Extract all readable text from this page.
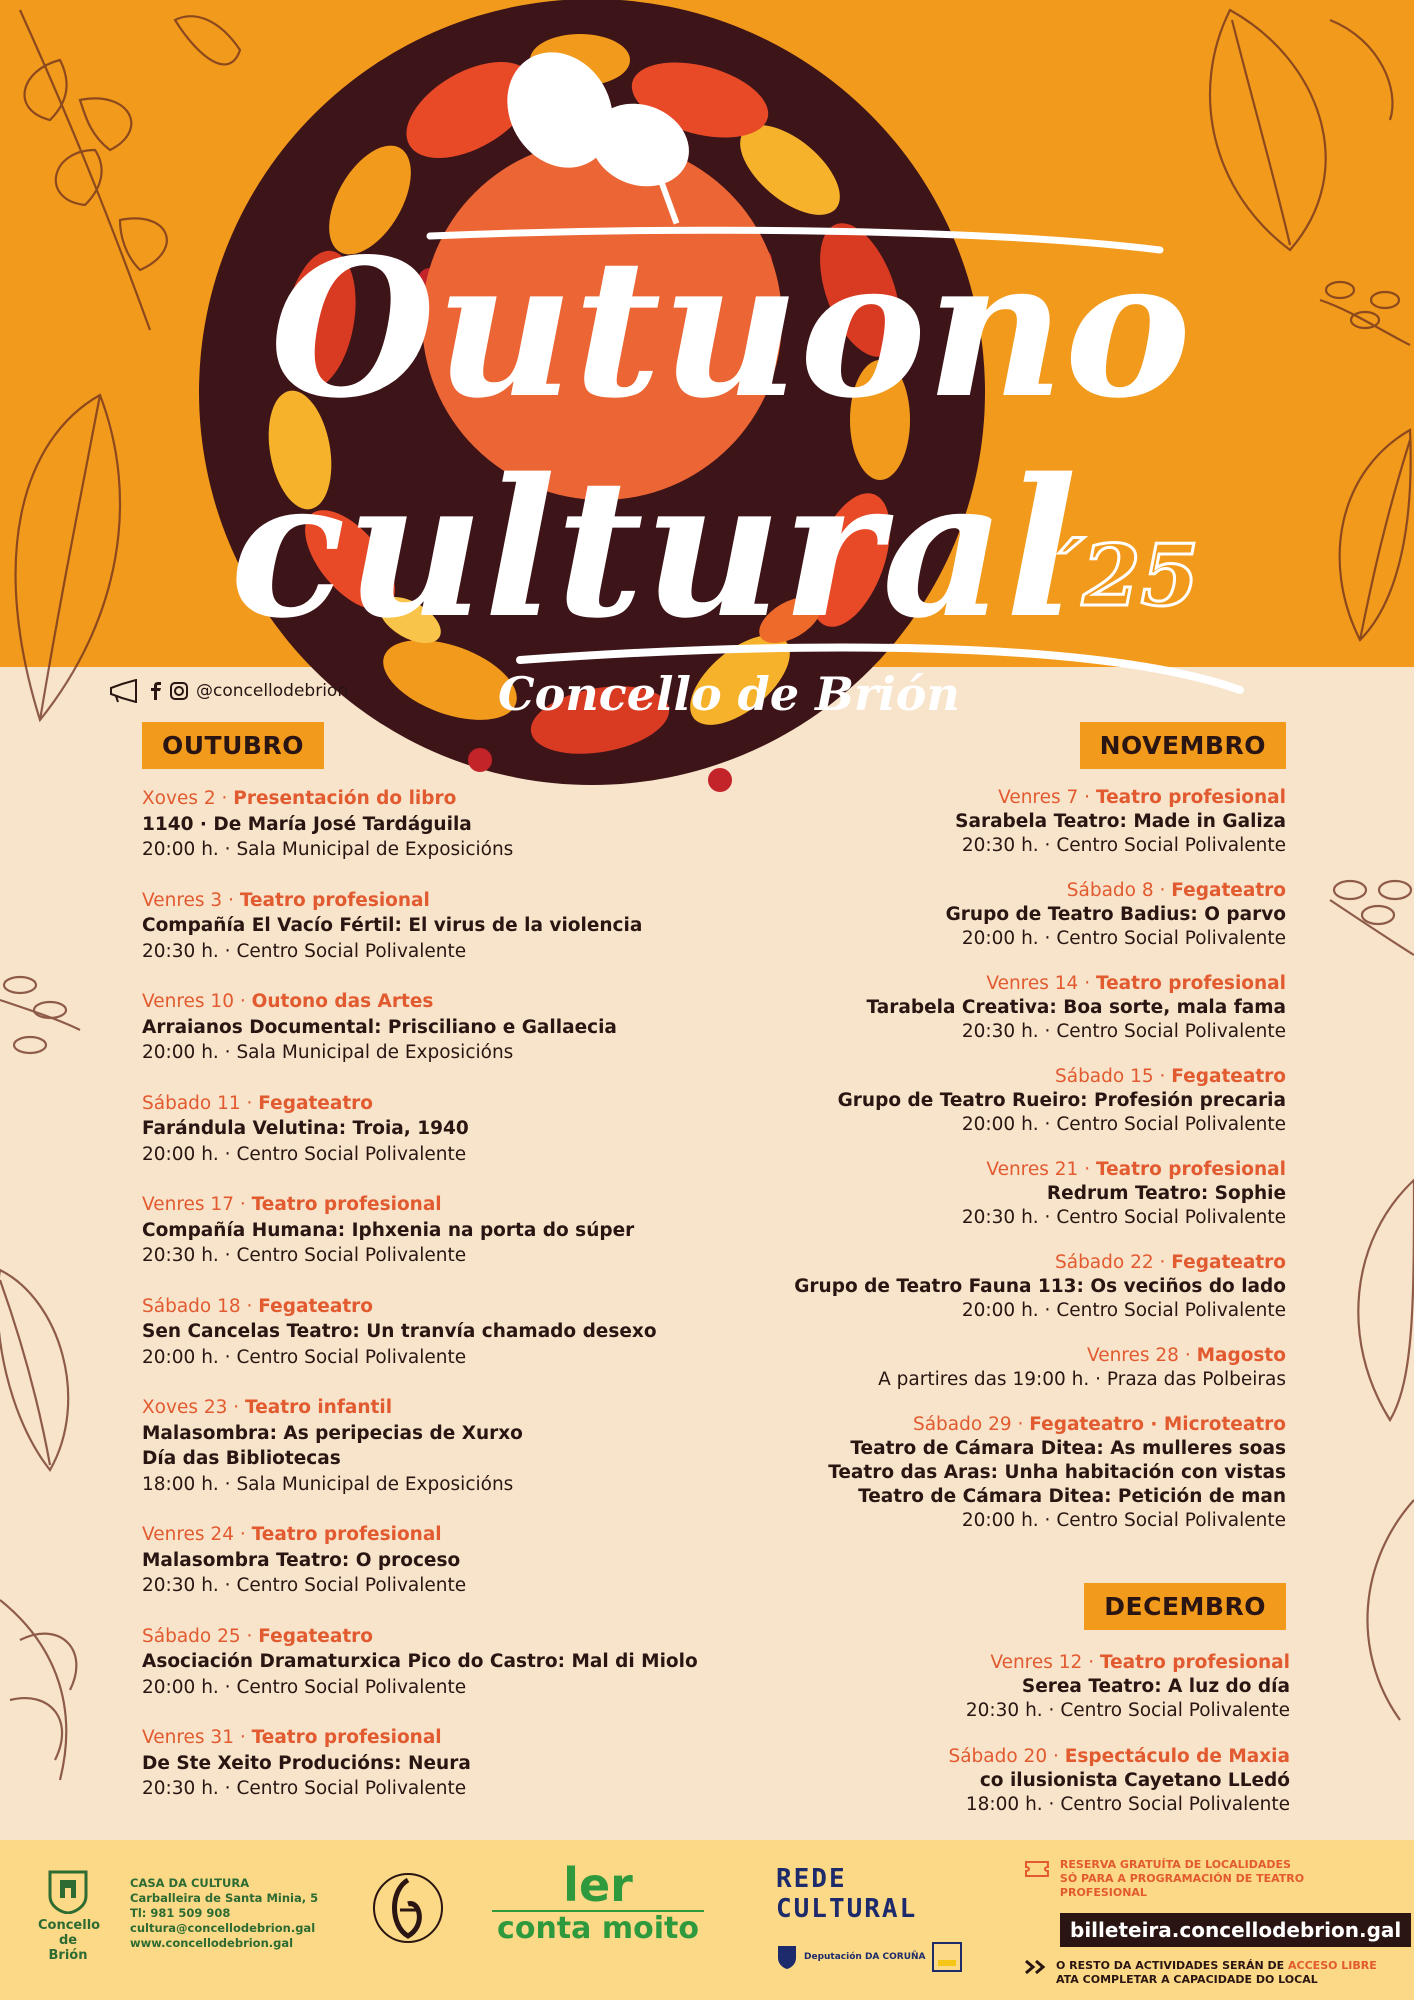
Outuono
cultural
´25
Concello de Brión
@concellodebrion
OUTUBRO	NOVEMBRO
DECEMBRO
Xoves 2 · Presentación do libro
1140 · De María José Tardáguila
20:00 h. · Sala Municipal de Exposicións
Venres 3 · Teatro profesional
Compañía El Vacío Fértil: El virus de la violencia
20:30 h. · Centro Social Polivalente
Venres 10 · Outono das Artes
Arraianos Documental: Prisciliano e Gallaecia
20:00 h. · Sala Municipal de Exposicións
Sábado 11 · Fegateatro
Farándula Velutina: Troia, 1940
20:00 h. · Centro Social Polivalente
Venres 17 · Teatro profesional
Compañía Humana: Iphxenia na porta do súper
20:30 h. · Centro Social Polivalente
Sábado 18 · Fegateatro
Sen Cancelas Teatro: Un tranvía chamado desexo
20:00 h. · Centro Social Polivalente
Xoves 23 · Teatro infantil
Malasombra: As peripecias de Xurxo
Día das Bibliotecas
18:00 h. · Sala Municipal de Exposicións
Venres 24 · Teatro profesional
Malasombra Teatro: O proceso
20:30 h. · Centro Social Polivalente
Sábado 25 · Fegateatro
Asociación Dramaturxica Pico do Castro: Mal di Miolo
20:00 h. · Centro Social Polivalente
Venres 31 · Teatro profesional
De Ste Xeito Producións: Neura
20:30 h. · Centro Social Polivalente
Venres 7 · Teatro profesional
Sarabela Teatro: Made in Galiza
20:30 h. · Centro Social Polivalente
Sábado 8 · Fegateatro
Grupo de Teatro Badius: O parvo
20:00 h. · Centro Social Polivalente
Venres 14 · Teatro profesional
Tarabela Creativa: Boa sorte, mala fama
20:30 h. · Centro Social Polivalente
Sábado 15 · Fegateatro
Grupo de Teatro Rueiro: Profesión precaria
20:00 h. · Centro Social Polivalente
Venres 21 · Teatro profesional
Redrum Teatro: Sophie
20:30 h. · Centro Social Polivalente
Sábado 22 · Fegateatro
Grupo de Teatro Fauna 113: Os veciños do lado
20:00 h. · Centro Social Polivalente
Venres 28 · Magosto
A partires das 19:00 h. · Praza das Polbeiras
Sábado 29 · Fegateatro · Microteatro
Teatro de Cámara Ditea: As mulleres soas
Teatro das Aras: Unha habitación con vistas
Teatro de Cámara Ditea: Petición de man
20:00 h. · Centro Social Polivalente
Venres 12 · Teatro profesional
Serea Teatro: A luz do día
20:30 h. · Centro Social Polivalente
Sábado 20 · Espectáculo de Maxia
co ilusionista Cayetano LLedó
18:00 h. · Centro Social Polivalente
Concello de Brión
CASA DA CULTURA
Carballeira de Santa Minia, 5
Tl: 981 509 908
cultura@concellodebrion.gal
www.concellodebrion.gal
ler
conta moito
REDE CULTURAL
Deputación DA CORUÑA
RESERVA GRATUÍTA DE LOCALIDADES
SÓ PARA A PROGRAMACIÓN DE TEATRO PROFESIONAL
billeteira.concellodebrion.gal
O RESTO DA ACTIVIDADES SERÁN DE ACCESO LIBRE
ATA COMPLETAR A CAPACIDADE DO LOCAL
